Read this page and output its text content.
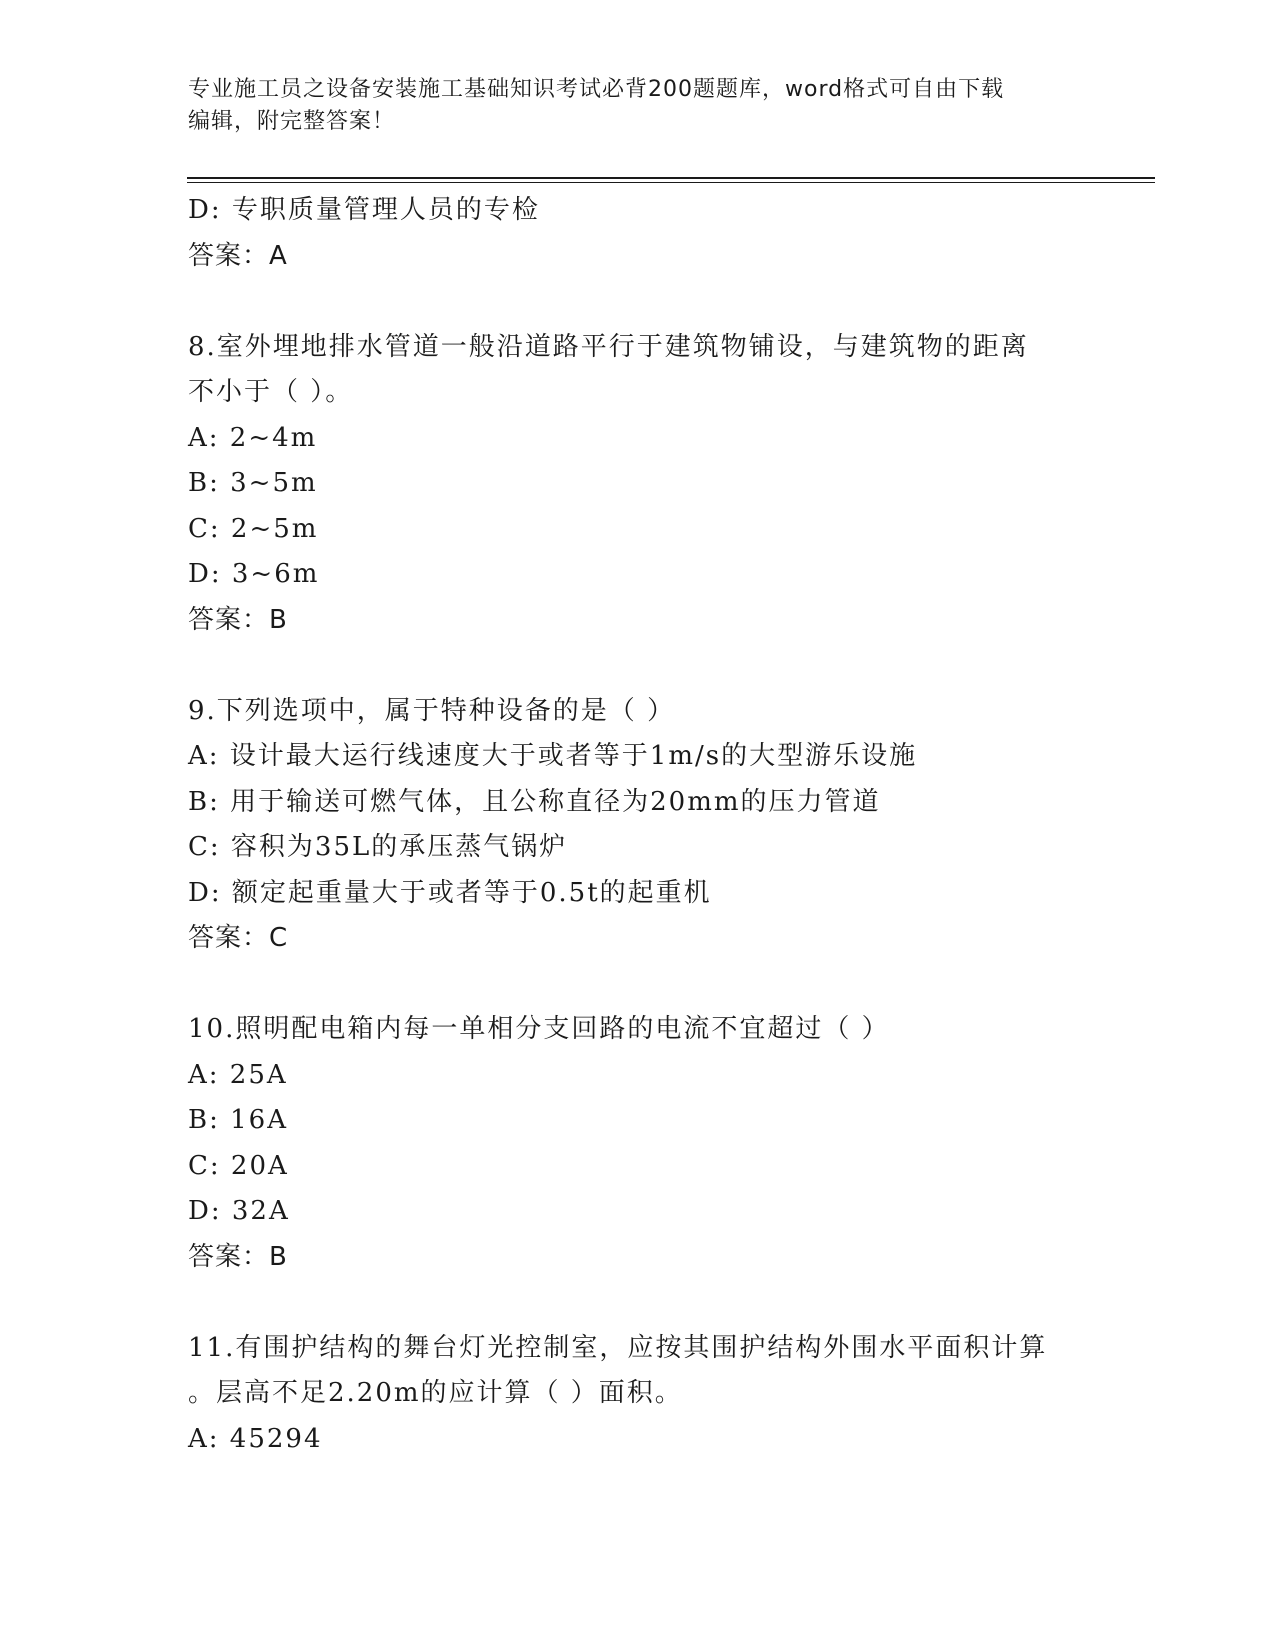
专业施工员之设备安装施工基础知识考试必背200题题库，word格式可自由下载
编辑，附完整答案！
D: 专职质量管理人员的专检
答案：A
8.室外埋地排水管道一般沿道路平行于建筑物铺设，与建筑物的距离
不小于（ ）。
A: 2~4m
B: 3~5m
C: 2~5m
D: 3~6m
答案：B
9.下列选项中，属于特种设备的是（ ）
A: 设计最大运行线速度大于或者等于1m/s的大型游乐设施
B: 用于输送可燃气体，且公称直径为20mm的压力管道
C: 容积为35L的承压蒸气锅炉
D: 额定起重量大于或者等于0.5t的起重机
答案：C
10.照明配电箱内每一单相分支回路的电流不宜超过（ ）
A: 25A
B: 16A
C: 20A
D: 32A
答案：B
11.有围护结构的舞台灯光控制室，应按其围护结构外围水平面积计算
。层高不足2.20m的应计算（ ）面积。
A: 45294
